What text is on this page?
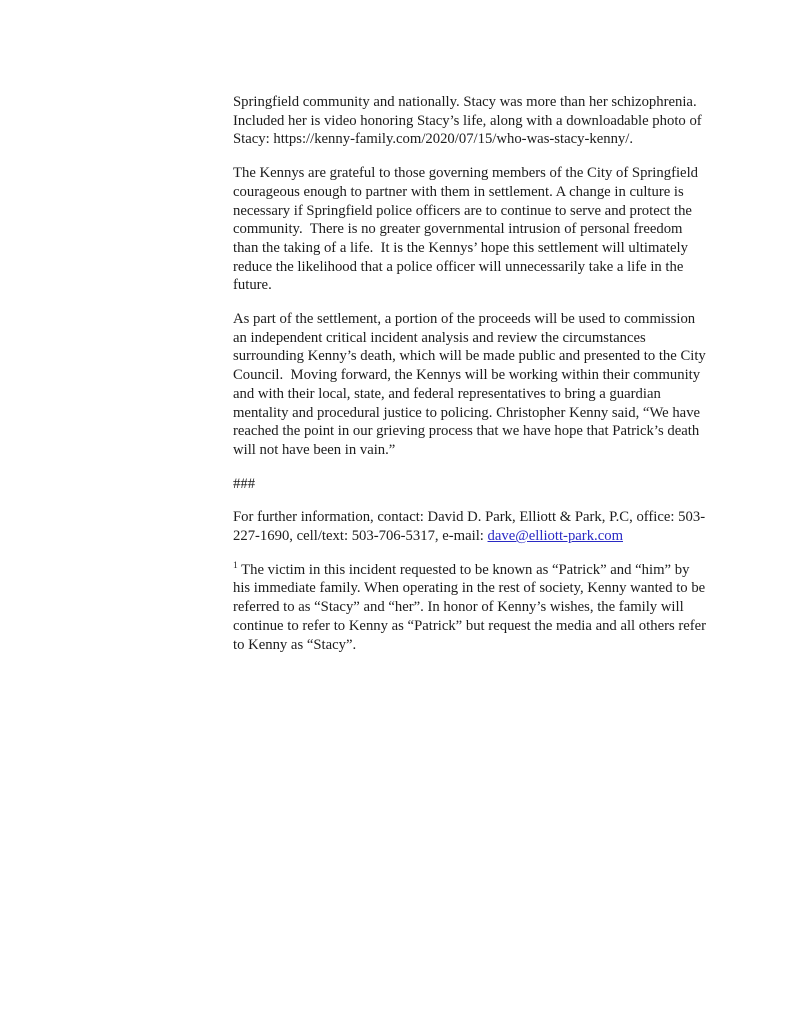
Springfield community and nationally. Stacy was more than her schizophrenia. Included her is video honoring Stacy’s life, along with a downloadable photo of Stacy: https://kenny-family.com/2020/07/15/who-was-stacy-kenny/.

The Kennys are grateful to those governing members of the City of Springfield courageous enough to partner with them in settlement. A change in culture is necessary if Springfield police officers are to continue to serve and protect the community.  There is no greater governmental intrusion of personal freedom than the taking of a life.  It is the Kennys’ hope this settlement will ultimately reduce the likelihood that a police officer will unnecessarily take a life in the future.

As part of the settlement, a portion of the proceeds will be used to commission an independent critical incident analysis and review the circumstances surrounding Kenny’s death, which will be made public and presented to the City Council.  Moving forward, the Kennys will be working within their community and with their local, state, and federal representatives to bring a guardian mentality and procedural justice to policing. Christopher Kenny said, “We have reached the point in our grieving process that we have hope that Patrick’s death will not have been in vain.”

###

For further information, contact: David D. Park, Elliott & Park, P.C, office: 503-227-1690, cell/text: 503-706-5317, e-mail: dave@elliott-park.com

$^1$ The victim in this incident requested to be known as “Patrick” and “him” by his immediate family. When operating in the rest of society, Kenny wanted to be referred to as “Stacy” and “her”. In honor of Kenny’s wishes, the family will continue to refer to Kenny as “Patrick” but request the media and all others refer to Kenny as “Stacy”.
